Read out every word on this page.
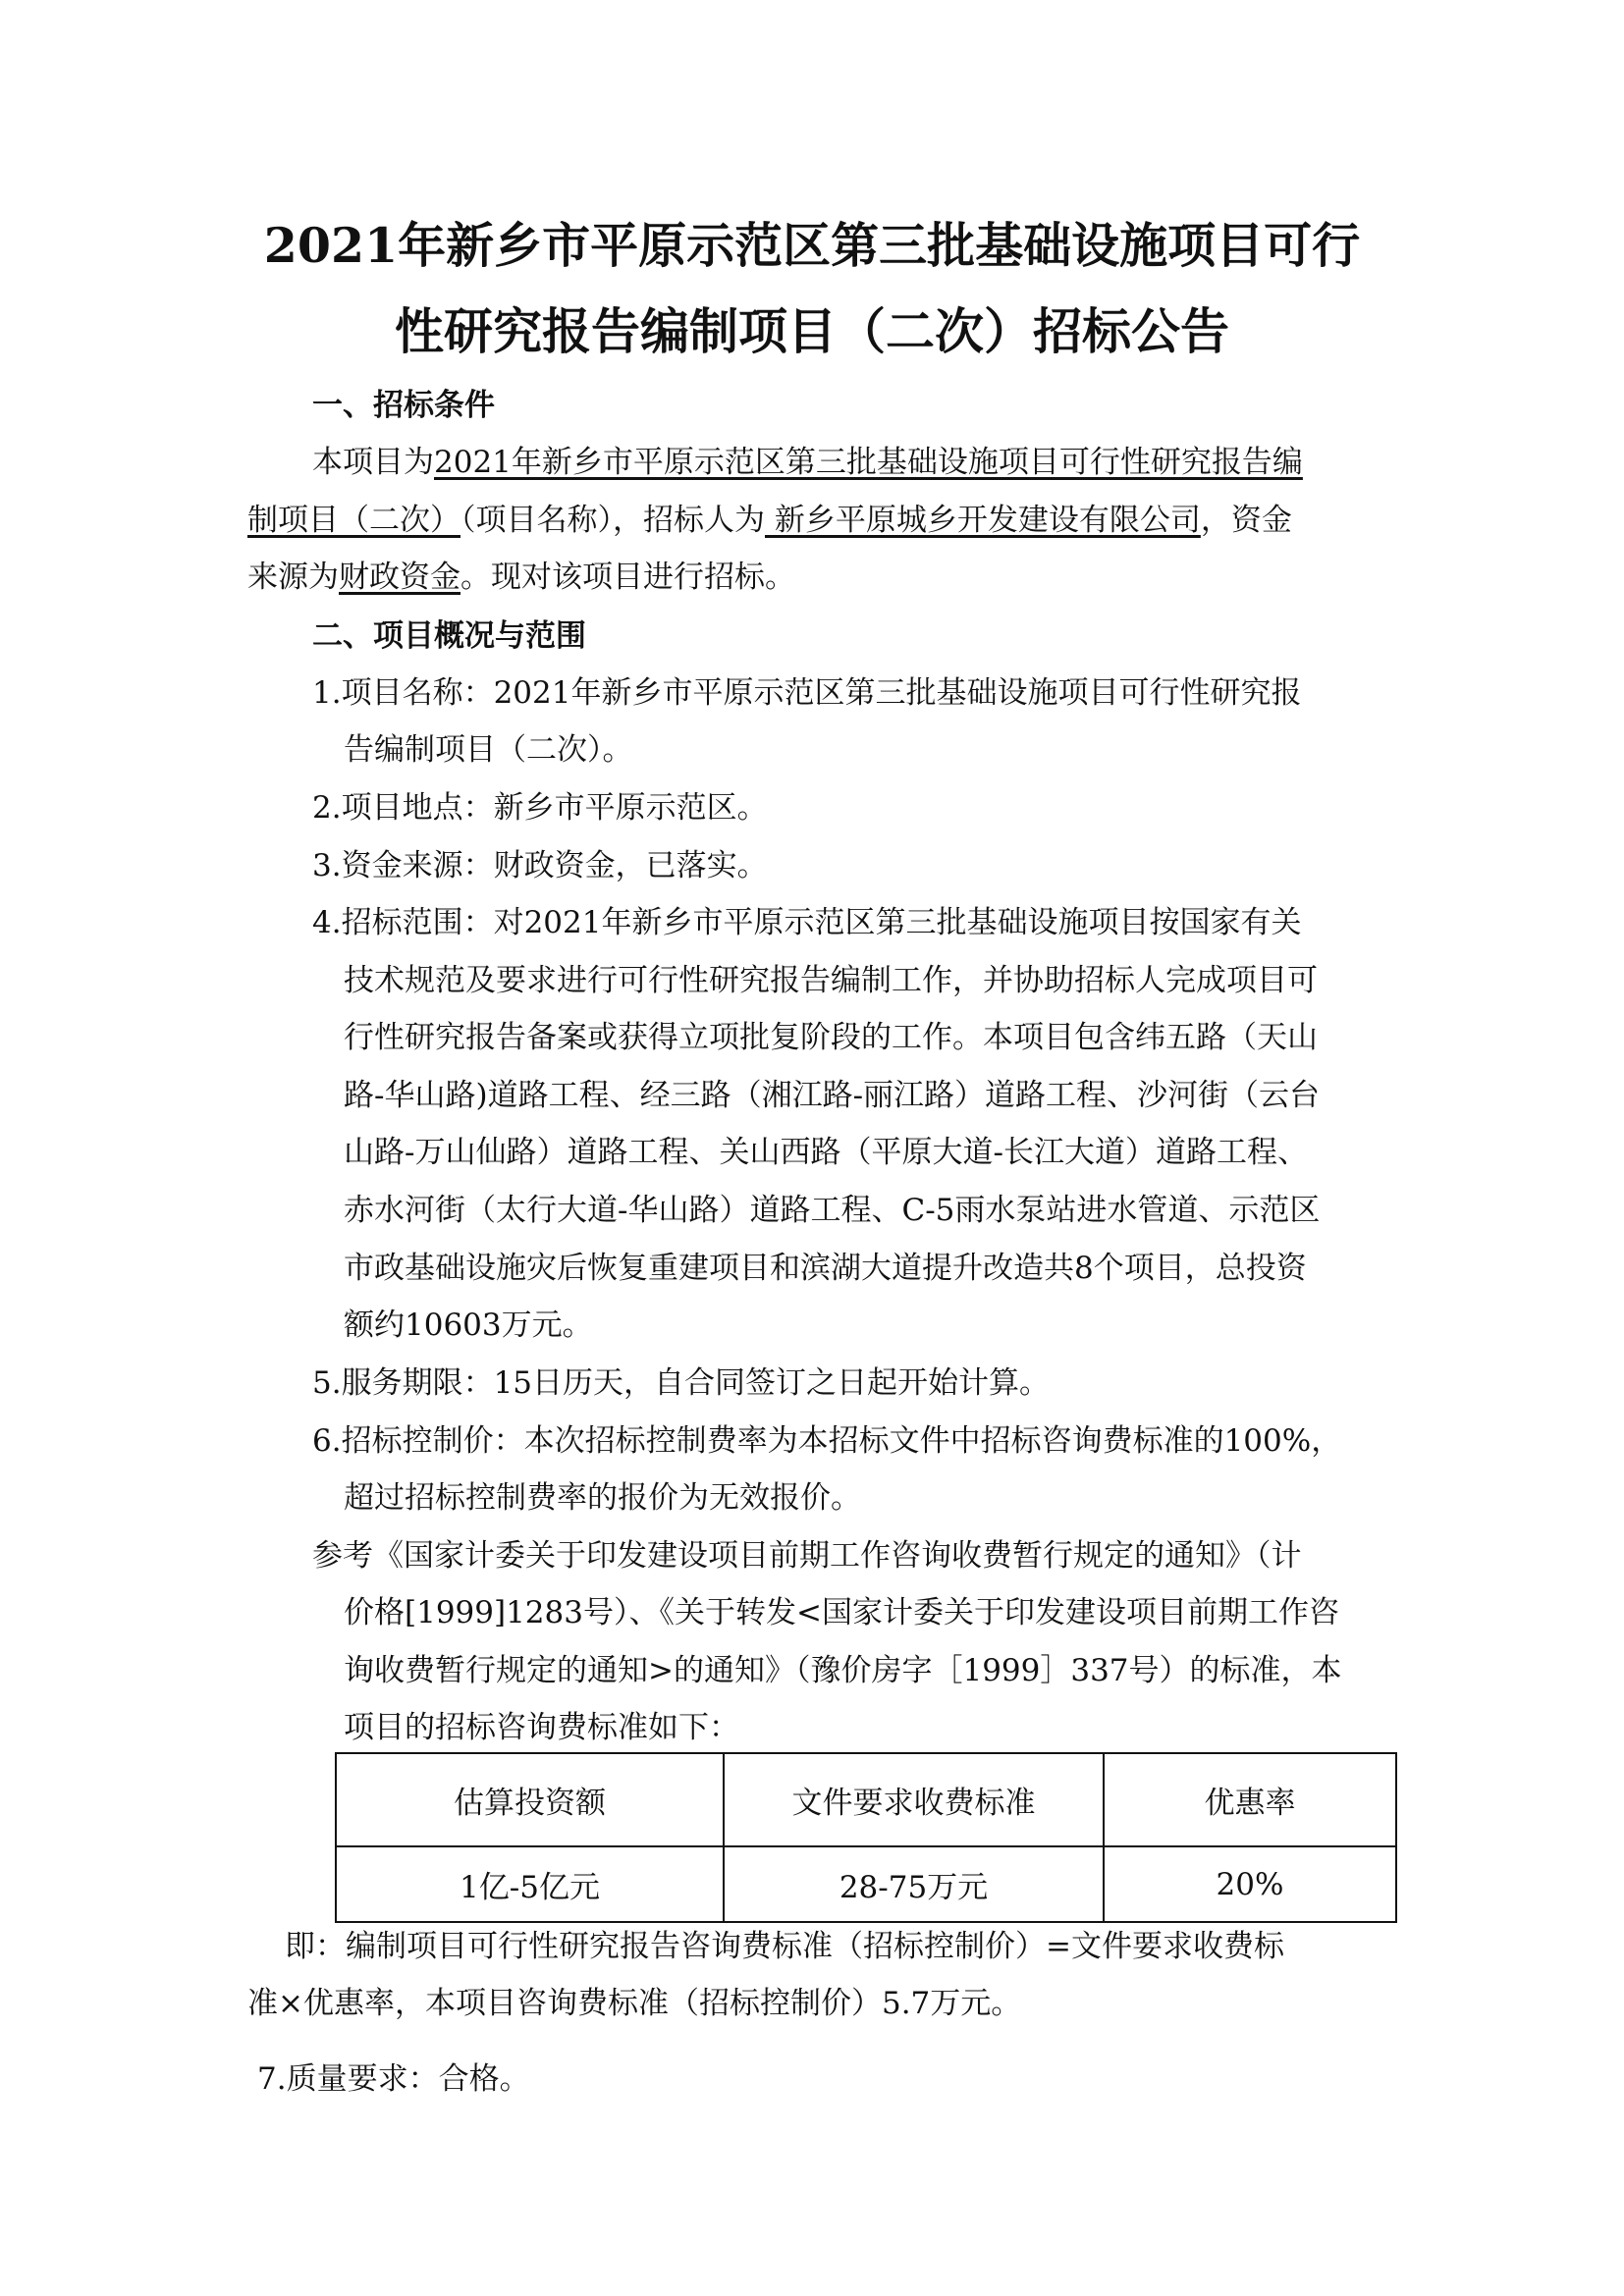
2021年新乡市平原示范区第三批基础设施项目可行
性研究报告编制项目（二次）招标公告
一、招标条件
本项目为2021年新乡市平原示范区第三批基础设施项目可行性研究报告编
制项目（二次）（项目名称），招标人为 新乡平原城乡开发建设有限公司，资金
来源为财政资金。现对该项目进行招标。
二、项目概况与范围
1.项目名称：2021年新乡市平原示范区第三批基础设施项目可行性研究报
告编制项目（二次）。
2.项目地点：新乡市平原示范区。
3.资金来源：财政资金，已落实。
4.招标范围：对2021年新乡市平原示范区第三批基础设施项目按国家有关
技术规范及要求进行可行性研究报告编制工作，并协助招标人完成项目可
行性研究报告备案或获得立项批复阶段的工作。本项目包含纬五路（天山
路-华山路)道路工程、经三路（湘江路-丽江路）道路工程、沙河街（云台
山路-万山仙路）道路工程、关山西路（平原大道-长江大道）道路工程、
赤水河街（太行大道-华山路）道路工程、C-5雨水泵站进水管道、示范区
市政基础设施灾后恢复重建项目和滨湖大道提升改造共8个项目，总投资
额约10603万元。
5.服务期限：15日历天，自合同签订之日起开始计算。
6.招标控制价：本次招标控制费率为本招标文件中招标咨询费标准的100%，
超过招标控制费率的报价为无效报价。
参考《国家计委关于印发建设项目前期工作咨询收费暂行规定的通知》（计
价格[1999]1283号）、《关于转发<国家计委关于印发建设项目前期工作咨
询收费暂行规定的通知>的通知》（豫价房字［1999］337号）的标准，本
项目的招标咨询费标准如下：
估算投资额	文件要求收费标准	优惠率
1亿-5亿元	28-75万元	20%
即：编制项目可行性研究报告咨询费标准（招标控制价）=文件要求收费标
准×优惠率，本项目咨询费标准（招标控制价）5.7万元。
7.质量要求：合格。
